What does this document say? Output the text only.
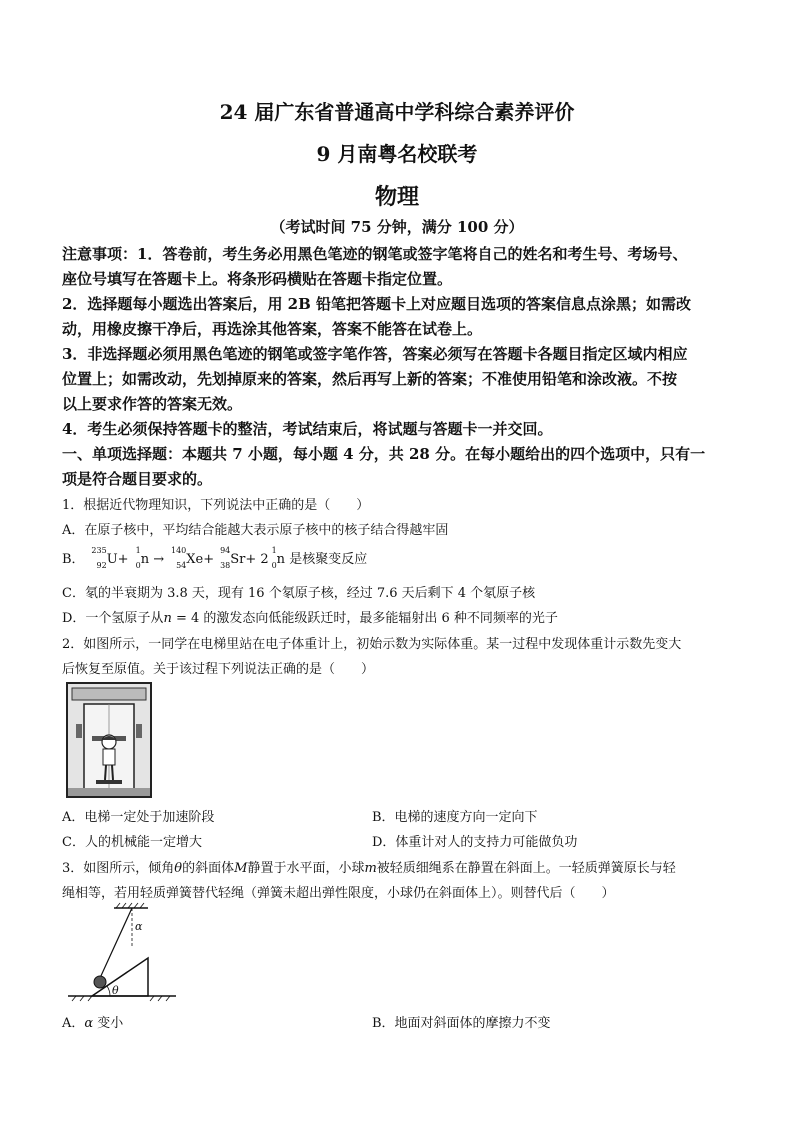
24 届广东省普通高中学科综合素养评价
9 月南粤名校联考
物理
（考试时间 75 分钟，满分 100 分）
注意事项：1．答卷前，考生务必用黑色笔迹的钢笔或签字笔将自己的姓名和考生号、考场号、
座位号填写在答题卡上。将条形码横贴在答题卡指定位置。
2．选择题每小题选出答案后，用 2B 铅笔把答题卡上对应题目选项的答案信息点涂黑；如需改
动，用橡皮擦干净后，再选涂其他答案，答案不能答在试卷上。
3．非选择题必须用黑色笔迹的钢笔或签字笔作答，答案必须写在答题卡各题目指定区域内相应
位置上；如需改动，先划掉原来的答案，然后再写上新的答案；不准使用铅笔和涂改液。不按
以上要求作答的答案无效。
4．考生必须保持答题卡的整洁，考试结束后，将试题与答题卡一并交回。
一、单项选择题：本题共 7 小题，每小题 4 分，共 28 分。在每小题给出的四个选项中，只有一
项是符合题目要求的。
1．根据近代物理知识，下列说法中正确的是（　　）
A．在原子核中，平均结合能越大表示原子核中的核子结合得越牢固
B．
235
92 U+
1
0 n →
140
54 Xe+
94
38 Sr+ 2
1
0 n 是核聚变反应
C．氡的半衰期为 3.8 天，现有 16 个氡原子核，经过 7.6 天后剩下 4 个氡原子核
D．一个氢原子从n = 4 的激发态向低能级跃迁时，最多能辐射出 6 种不同频率的光子
2．如图所示，一同学在电梯里站在电子体重计上，初始示数为实际体重。某一过程中发现体重计示数先变大
后恢复至原值。关于该过程下列说法正确的是（　　）
A．电梯一定处于加速阶段	B．电梯的速度方向一定向下
C．人的机械能一定增大	D．体重计对人的支持力可能做负功
3．如图所示，倾角θ的斜面体M静置于水平面，小球m被轻质细绳系在静置在斜面上。一轻质弹簧原长与轻
绳相等，若用轻质弹簧替代轻绳（弹簧未超出弹性限度，小球仍在斜面体上）。则替代后（　　）
α
θ
A．α 变小	B．地面对斜面体的摩擦力不变
